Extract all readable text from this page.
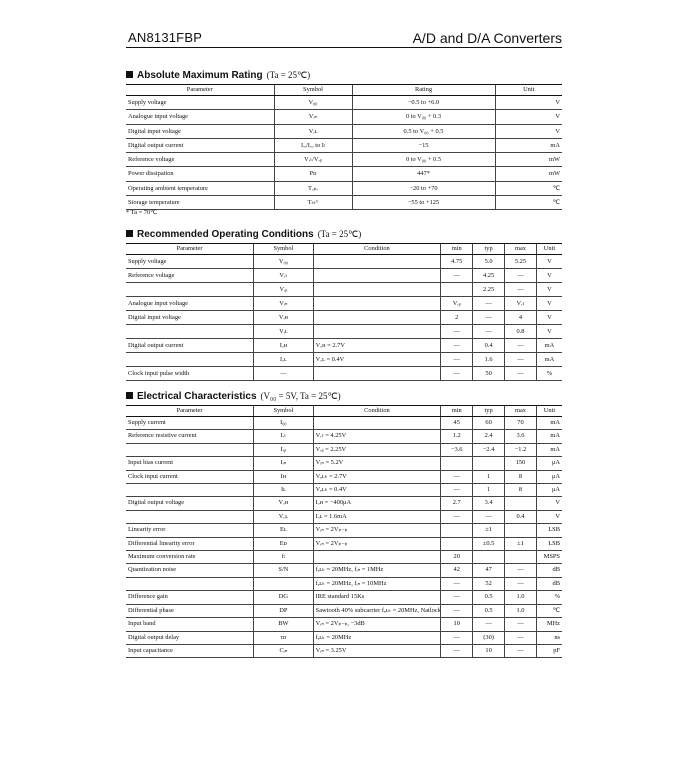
AN8131FBP	A/D and D/A Converters
Absolute Maximum Rating (Ta = 25℃)
Parameter	Symbol	Rating	Unit
Supply voltage	V₀₀	−0.5 to +6.0	V
Analogue input voltage	Vᵢₙ	0 to V₀₀ + 0.3	V
Digital input voltage	Vᵢʟ	0.5 to V₀₀ + 0.5	V
Digital output current	Iₒᵢ/Iₒₒ to Iₗ	−15	mA
Reference voltage	Vᵣₜ/Vᵣᵦ	0 to V₀₀ + 0.5	mW
Power dissipation	Pᴅ	447*	mW
Operating ambient temperature	Tₒₚᵣ	−20 to +70	℃
Storage temperature	Tₛₜᴳ	−55 to +125	℃
* Ta = 70℃
Recommended Operating Conditions (Ta = 25℃)
Parameter	Symbol	Condition	min	typ	max	Unit
Supply voltage	V₀₀		4.75	5.0	5.25	V
Reference voltage	Vᵣₜ		—	4.25	—	V
	Vᵣᵦ			2.25	—	V
Analogue input voltage	Vᵢₙ		Vᵣᵦ	—	Vᵣₜ	V
Digital input voltage	Vᵢʜ		2	—	4	V
	Vᵢʟ		—	—	0.8	V
Digital output current	Iₒʜ	Vₒʜ = 2.7V	—	0.4	—	mA
	Iₒʟ	Vₒʟ = 0.4V	—	1.6	—	mA
Clock input pulse width	—		—	50	—	%
Electrical Characteristics (V₀₀ = 5V, Ta = 25℃)
Parameter	Symbol	Condition	min	typ	max	Unit
Supply current	I₀₀		45	60	70	mA
Reference resistive current	Iᵣₜ	Vᵣₜ = 4.25V	1.2	2.4	3.6	mA
	Iᵣᵦ	Vᵣᵦ = 2.25V	−3.6	−2.4	−1.2	mA
Input bias current	Iᵢₙ	Vᵢₙ = 5.2V			150	μA
Clock input current	Iʜ	Vₑʟₖ = 2.7V	—	1	8	μA
	Iʟ	Vₑʟₖ = 0.4V	—	1	8	μA
Digital output voltage	Vₒʜ	Iₒʜ = −400μA	2.7	3.4		V
	Vₒʟ	Iₒʟ = 1.6mA	—	—	0.4	V
Linearity error	Eʟ	Vᵢₙ = 2Vₚ₋ₚ		±1		LSB
Differential linearity error	Eᴅ	Vᵢₙ = 2Vₚ₋ₚ		±0.5	±1	LSB
Maximum conversion rate	fₗ		20			MSPS
Quantization noise	S/N	fₑʟₖ = 20MHz, fᵢₙ = 1MHz	42	47	—	dB
		fₑʟₖ = 20MHz, fᵢₙ = 10MHz	—	52	—	dB
Difference gain	DG	IRE standard 15Ks	—	0.5	1.0	%
Differential phase	DP	Sawtooth 40% subcarrier fₑʟₖ = 20MHz, Natlock	—	0.5	1.0	℃
Input band	BW	Vᵢₙ = 2Vₚ₋ₚ, −3dB	10	—	—	MHz
Digital output delay	τᴅ	fₑʟₖ = 20MHz	—	(30)	—	ns
Input capacitance	Cᵢₙ	Vᵢₙ = 3.25V	—	10	—	pF
